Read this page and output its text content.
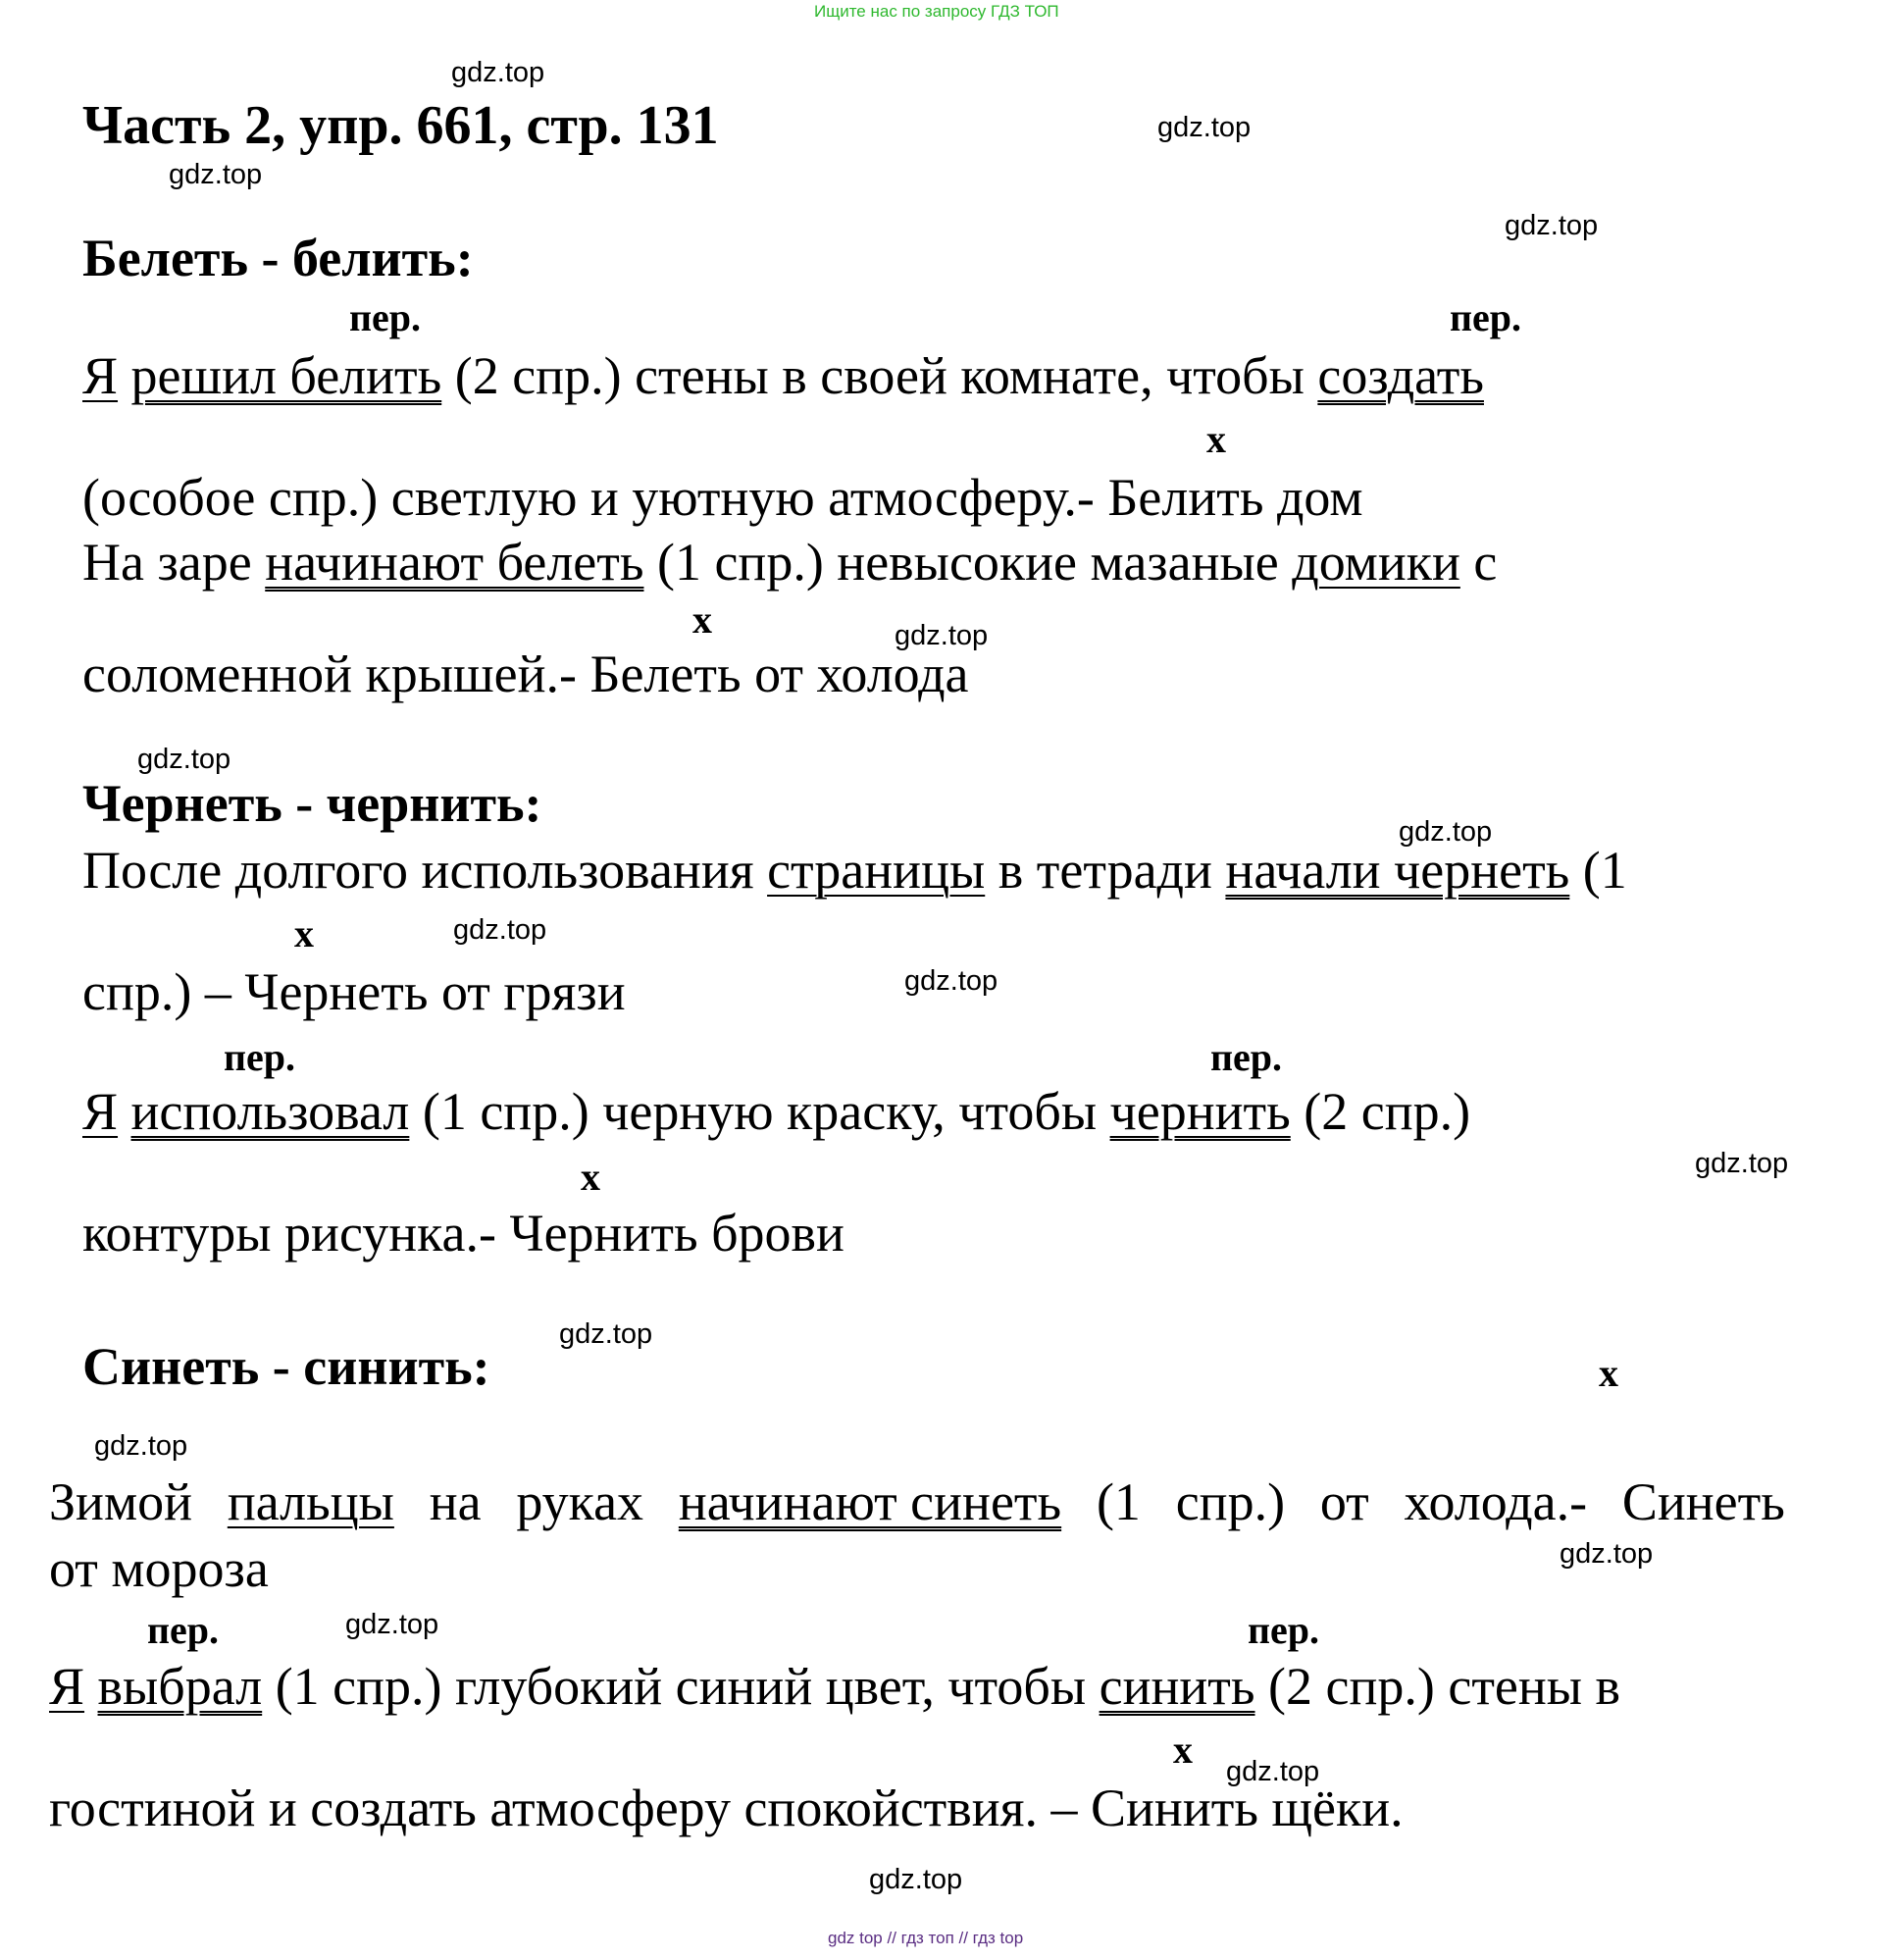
Ищите нас по запросу ГДЗ ТОП
gdz.top
gdz.top
gdz.top
gdz.top
gdz.top
gdz.top
gdz.top
gdz.top
gdz.top
gdz.top
gdz.top
gdz.top
gdz.top
gdz.top
gdz.top
gdz.top
Часть 2, упр. 661, стр. 131
Белеть - белить:
пер.	пер.
Я решил белить (2 спр.) стены в своей комнате, чтобы создать
х
(особое спр.) светлую и уютную атмосферу.- Белить дом
На заре начинают белеть (1 спр.) невысокие мазаные домики с
х
соломенной крышей.- Белеть от холода
Чернеть - чернить:
После долгого использования страницы в тетради начали чернеть (1
х
спр.) – Чернеть от грязи
пер.	пер.
Я использовал (1 спр.) черную краску, чтобы чернить (2 спр.)
х
контуры рисунка.- Чернить брови
Синеть - синить:	х
Зимой пальцы на руках начинают синеть (1 спр.) от холода.- Синеть
от мороза
пер.	пер.
Я выбрал (1 спр.) глубокий синий цвет, чтобы синить (2 спр.) стены в
х
гостиной и создать атмосферу спокойствия. – Синить щёки.
gdz top // гдз топ // гдз top
